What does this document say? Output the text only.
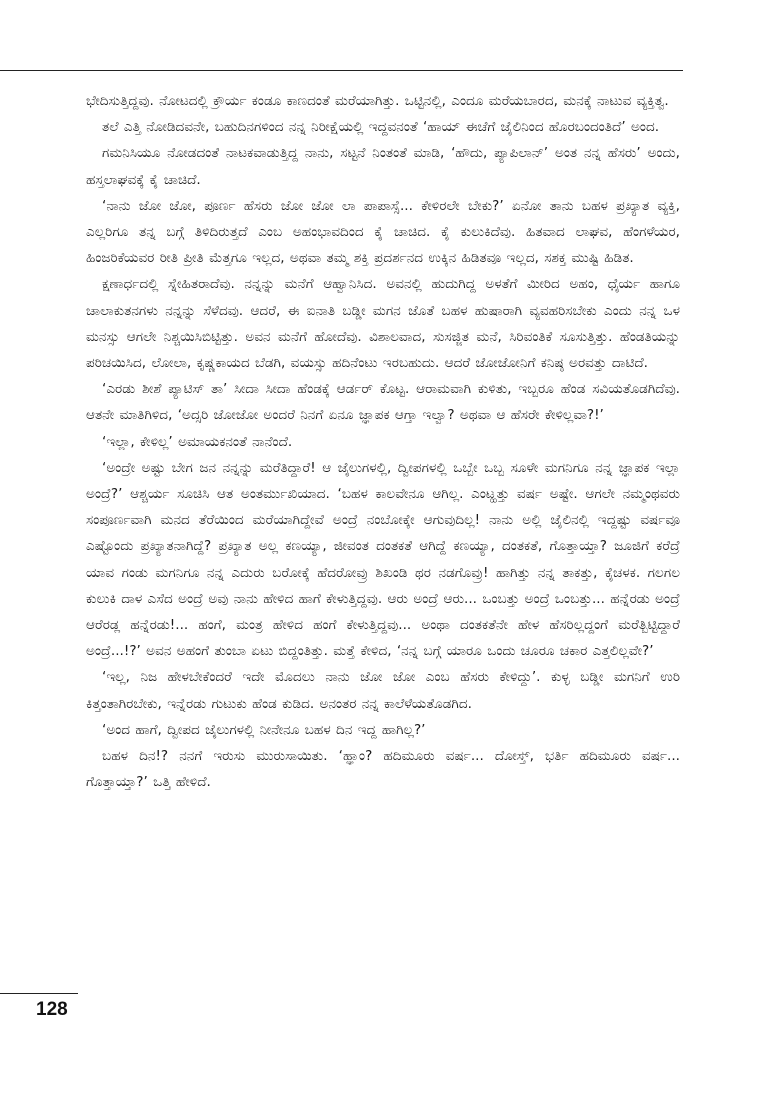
ಭೇದಿಸುತ್ತಿದ್ದವು. ನೋಟದಲ್ಲಿ ಕ್ರೌರ್ಯ ಕಂಡೂ ಕಾಣದಂತೆ ಮರೆಯಾಗಿತ್ತು. ಒಟ್ಟಿನಲ್ಲಿ, ಎಂದೂ ಮರೆಯಬಾರದ, ಮನಕ್ಕೆ ನಾಟುವ ವ್ಯಕ್ತಿತ್ವ.

ತಲೆ ಎತ್ತಿ ನೋಡಿದವನೇ, ಬಹುದಿನಗಳಿಂದ ನನ್ನ ನಿರೀಕ್ಷೆಯಲ್ಲಿ ಇದ್ದವನಂತೆ ‘ಹಾಯ್ ಈಚೆಗೆ ಜೈಲಿನಿಂದ ಹೊರಬಂದಂತಿದೆ’ ಅಂದ.

ಗಮನಿಸಿಯೂ ನೋಡದಂತೆ ನಾಟಕವಾಡುತ್ತಿದ್ದ ನಾನು, ಸಟ್ಟನೆ ನಿಂತಂತೆ ಮಾಡಿ, ‘ಹೌದು, ಪ್ಯಾಪಿಲಾನ್’ ಅಂತ ನನ್ನ ಹೆಸರು’ ಅಂದು, ಹಸ್ತಲಾಘವಕ್ಕೆ ಕೈ ಚಾಚಿದೆ.

‘ನಾನು ಜೋ ಜೋ, ಪೂರ್ಣ ಹೆಸರು ಜೋ ಜೋ ಲಾ ಪಾಪಾಸ್ಸೆ... ಕೇಳಿರಲೇ ಬೇಕು?’ ಏನೋ ತಾನು ಬಹಳ ಪ್ರಖ್ಯಾತ ವ್ಯಕ್ತಿ, ಎಲ್ಲರಿಗೂ ತನ್ನ ಬಗ್ಗೆ ತಿಳಿದಿರುತ್ತದೆ ಎಂಬ ಅಹಂಭಾವದಿಂದ ಕೈ ಚಾಚಿದ. ಕೈ ಕುಲುಕಿದೆವು. ಹಿತವಾದ ಲಾಘವ, ಹೆಂಗಳೆಯರ, ಹಿಂಜರಿಕೆಯವರ ರೀತಿ ಪ್ರೀತಿ ಮೆತ್ತಗೂ ಇಲ್ಲದ, ಅಥವಾ ತಮ್ಮ ಶಕ್ತಿ ಪ್ರದರ್ಶನದ ಉಕ್ಕಿನ ಹಿಡಿತವೂ ಇಲ್ಲದ, ಸಶಕ್ತ ಮುಷ್ಟಿ ಹಿಡಿತ.

ಕ್ಷಣಾರ್ಧದಲ್ಲಿ ಸ್ನೇಹಿತರಾದೆವು. ನನ್ನನ್ನು ಮನೆಗೆ ಆಹ್ವಾನಿಸಿದ. ಅವನಲ್ಲಿ ಹುದುಗಿದ್ದ ಅಳತೆಗೆ ಮೀರಿದ ಅಹಂ, ಧೈರ್ಯ ಹಾಗೂ ಚಾಲಾಕುತನಗಳು ನನ್ನನ್ನು ಸೆಳೆದವು. ಆದರೆ, ಈ ಐನಾತಿ ಬಡ್ಡೀ ಮಗನ ಜೊತೆ ಬಹಳ ಹುಷಾರಾಗಿ ವ್ಯವಹರಿಸಬೇಕು ಎಂದು ನನ್ನ ಒಳ ಮನಸ್ಸು ಆಗಲೇ ನಿಶ್ಚಯಿಸಿಬಿಟ್ಟಿತ್ತು. ಅವನ ಮನೆಗೆ ಹೋದೆವು. ವಿಶಾಲವಾದ, ಸುಸಜ್ಜಿತ ಮನೆ, ಸಿರಿವಂತಿಕೆ ಸೂಸುತ್ತಿತ್ತು. ಹೆಂಡತಿಯನ್ನು ಪರಿಚಯಿಸಿದ, ಲೋಲಾ, ಕೃಷ್ಣಕಾಯದ ಬೆಡಗಿ, ವಯಸ್ಸು ಹದಿನೆಂಟು ಇರಬಹುದು. ಆದರೆ ಜೋಜೋನಿಗೆ ಕನಿಷ್ಠ ಅರವತ್ತು ದಾಟಿದೆ.

‘ಎರಡು ಶೀಶೆ ಪ್ಯಾಟಿಸ್ ತಾ’ ಸೀದಾ ಸೀದಾ ಹೆಂಡಕ್ಕೆ ಆರ್ಡರ್ ಕೊಟ್ಟ. ಆರಾಮವಾಗಿ ಕುಳಿತು, ಇಬ್ಬರೂ ಹೆಂಡ ಸವಿಯತೊಡಗಿದೆವು. ಆತನೇ ಮಾತಿಗಿಳಿದ, ‘ಅದ್ಸರಿ ಜೋಜೋ ಅಂದರೆ ನಿನಗೆ ಏನೂ ಜ್ಞಾಪಕ ಆಗ್ತಾ ಇಲ್ವಾ? ಅಥವಾ ಆ ಹೆಸರೇ ಕೇಳಿಲ್ಲವಾ?!’

‘ಇಲ್ಲಾ, ಕೇಳಿಲ್ಲ’ ಅಮಾಯಕನಂತೆ ನಾನೆಂದೆ.

‘ಅಂದ್ರೇ ಅಷ್ಟು ಬೇಗ ಜನ ನನ್ನನ್ನು ಮರೆತಿದ್ದಾರೆ! ಆ ಜೈಲುಗಳಲ್ಲಿ, ದ್ವೀಪಗಳಲ್ಲಿ ಒಬ್ಬೇ ಒಬ್ಬ ಸೂಳೇ ಮಗನಿಗೂ ನನ್ನ ಜ್ಞಾಪಕ ಇಲ್ಲಾ ಅಂದ್ರೆ?’ ಆಶ್ಚರ್ಯ ಸೂಚಿಸಿ ಆತ ಅಂತರ್ಮುಖಿಯಾದ. ‘ಬಹಳ ಕಾಲವೇನೂ ಆಗಿಲ್ಲ. ಎಂಟ್ಹತ್ತು ವರ್ಷ ಅಷ್ಟೇ. ಆಗಲೇ ನಮ್ಮಂಥವರು ಸಂಪೂರ್ಣವಾಗಿ ಮನದ ತೆರೆಯಿಂದ ಮರೆಯಾಗಿದ್ದೇವೆ ಅಂದ್ರೆ ನಂಬೋಕ್ಕೇ ಆಗುವುದಿಲ್ಲ! ನಾನು ಅಲ್ಲಿ ಜೈಲಿನಲ್ಲಿ ಇದ್ದಷ್ಟು ವರ್ಷವೂ ಎಷ್ಟೊಂದು ಪ್ರಖ್ಯಾತನಾಗಿದ್ದೆ? ಪ್ರಖ್ಯಾತ ಅಲ್ಲ ಕಣಯ್ಯಾ, ಜೀವಂತ ದಂತಕತೆ ಆಗಿದ್ದೆ ಕಣಯ್ಯಾ, ದಂತಕತೆ, ಗೊತ್ತಾಯ್ತಾ? ಜೂಜಿಗೆ ಕರೆದ್ರೆ ಯಾವ ಗಂಡು ಮಗನಿಗೂ ನನ್ನ ಎದುರು ಬರೋಕ್ಕೆ ಹೆದರೋವ್ರು ಶಿಖಂಡಿ ಥರ ನಡಗೊವ್ರು! ಹಾಗಿತ್ತು ನನ್ನ ತಾಕತ್ತು, ಕೈಚಳಕ. ಗಲಗಲ ಕುಲುಕಿ ದಾಳ ಎಸೆದ ಅಂದ್ರೆ ಅವು ನಾನು ಹೇಳಿದ ಹಾಗೆ ಕೇಳುತ್ತಿದ್ದವು. ಆರು ಅಂದ್ರೆ ಆರು... ಒಂಬತ್ತು ಅಂದ್ರೆ ಒಂಬತ್ತು... ಹನ್ನೆರಡು ಅಂದ್ರೆ ಆರೆರಡ್ಲ ಹನ್ನೆರಡು!... ಹಂಗೆ, ಮಂತ್ರ ಹೇಳಿದ ಹಂಗೆ ಕೇಳುತ್ತಿದ್ದವು... ಅಂಥಾ ದಂತಕತೆನೇ ಹೇಳ ಹೆಸರಿಲ್ಲದ್ದಂಗೆ ಮರೆತ್ಬಿಟ್ಟಿದ್ದಾರೆ ಅಂದ್ರೆ...!?’ ಅವನ ಅಹಂಗೆ ತುಂಬಾ ಏಟು ಬಿದ್ದಂತಿತ್ತು. ಮತ್ತೆ ಕೇಳಿದ, ‘ನನ್ನ ಬಗ್ಗೆ ಯಾರೂ ಒಂದು ಚೂರೂ ಚಕಾರ ಎತ್ತಲಿಲ್ಲವೇ?’

‘ಇಲ್ಲ, ನಿಜ ಹೇಳಬೇಕೆಂದರೆ ಇದೇ ಮೊದಲು ನಾನು ಜೋ ಜೋ ಎಂಬ ಹೆಸರು ಕೇಳಿದ್ದು’. ಕುಳ್ಳ ಬಡ್ಡೀ ಮಗನಿಗೆ ಉರಿ ಕಿತ್ತಂತಾಗಿರಬೇಕು, ಇನ್ನೆರಡು ಗುಟುಕು ಹೆಂಡ ಕುಡಿದ. ಅನಂತರ ನನ್ನ ಕಾಲೆಳೆಯತೊಡಗಿದ.

‘ಅಂದ ಹಾಗೆ, ದ್ವೀಪದ ಜೈಲುಗಳಲ್ಲಿ ನೀನೇನೂ ಬಹಳ ದಿನ ಇದ್ದ ಹಾಗಿಲ್ಲ?’

ಬಹಳ ದಿನ!? ನನಗೆ ಇರುಸು ಮುರುಸಾಯಿತು. ‘ಹ್ಞಾಂ? ಹದಿಮೂರು ವರ್ಷ... ದೋಸ್ತ್, ಭರ್ತಿ ಹದಿಮೂರು ವರ್ಷ... ಗೊತ್ತಾಯ್ತಾ?’ ಒತ್ತಿ ಹೇಳಿದೆ.

128
